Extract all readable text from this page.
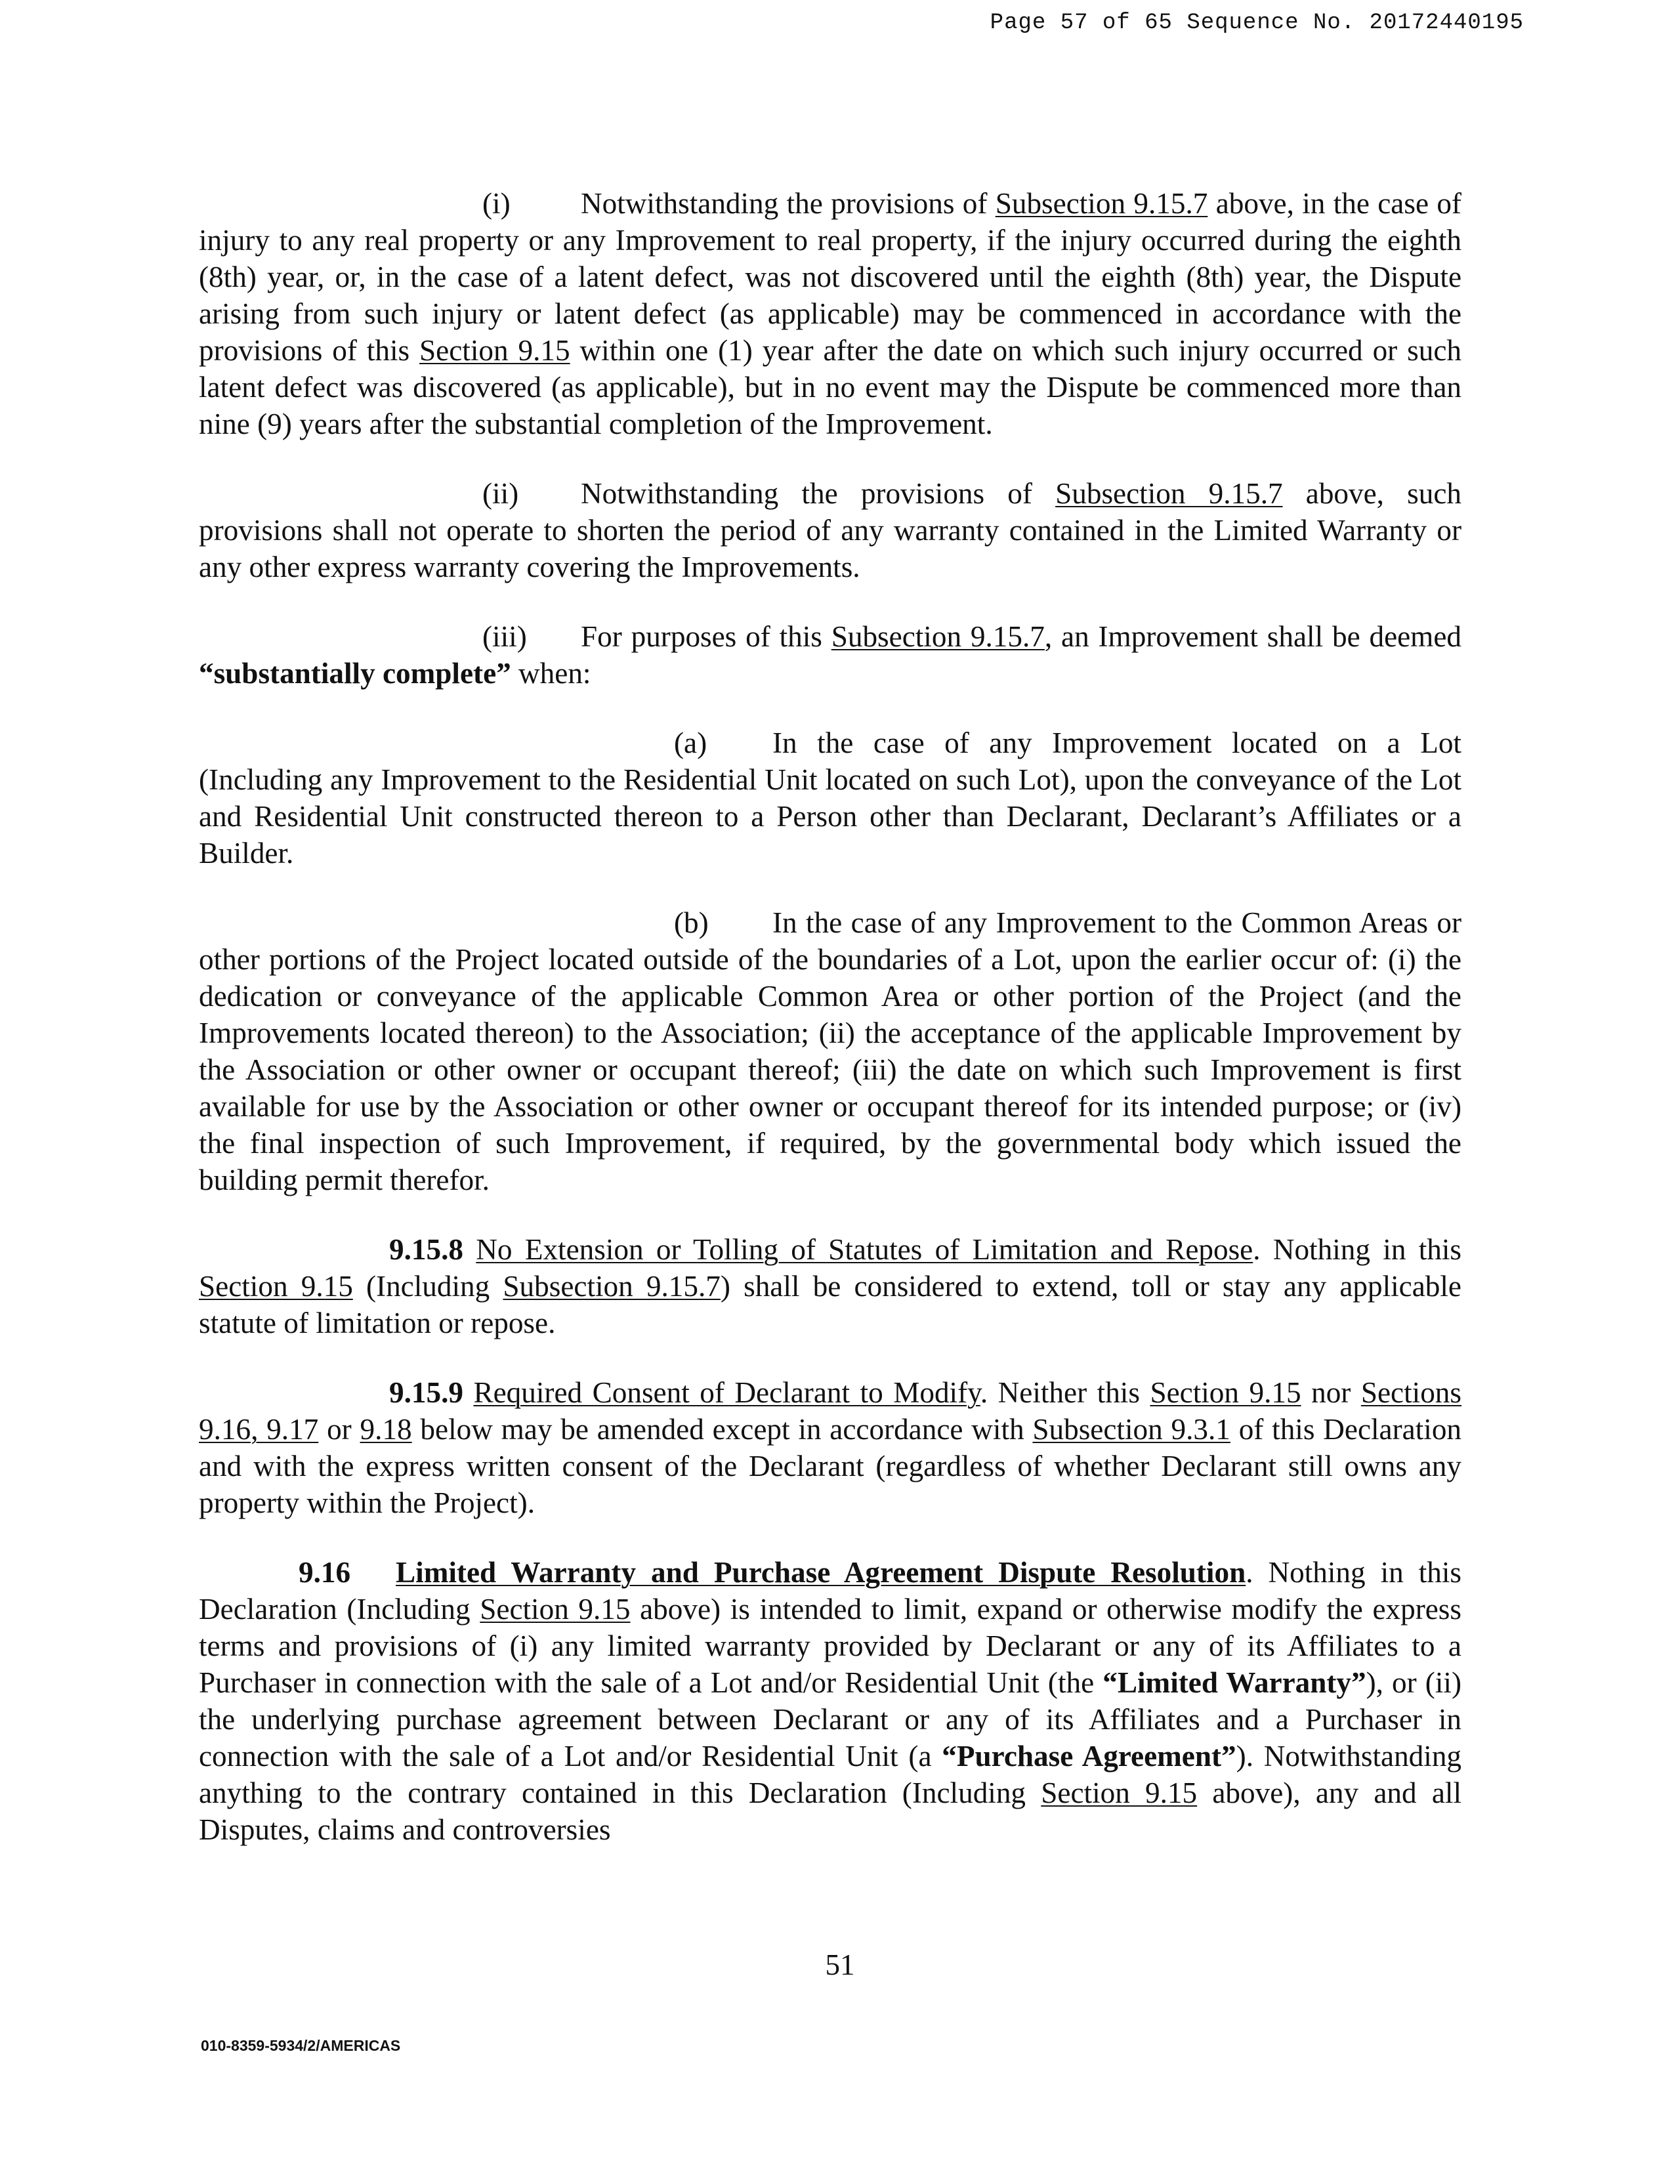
Page 57 of 65 Sequence No. 20172440195

(i) Notwithstanding the provisions of Subsection 9.15.7 above, in the case of injury to any real property or any Improvement to real property, if the injury occurred during the eighth (8th) year, or, in the case of a latent defect, was not discovered until the eighth (8th) year, the Dispute arising from such injury or latent defect (as applicable) may be commenced in accordance with the provisions of this Section 9.15 within one (1) year after the date on which such injury occurred or such latent defect was discovered (as applicable), but in no event may the Dispute be commenced more than nine (9) years after the substantial completion of the Improvement.

(ii) Notwithstanding the provisions of Subsection 9.15.7 above, such provisions shall not operate to shorten the period of any warranty contained in the Limited Warranty or any other express warranty covering the Improvements.

(iii) For purposes of this Subsection 9.15.7, an Improvement shall be deemed “substantially complete” when:

(a) In the case of any Improvement located on a Lot (Including any Improvement to the Residential Unit located on such Lot), upon the conveyance of the Lot and Residential Unit constructed thereon to a Person other than Declarant, Declarant’s Affiliates or a Builder.

(b) In the case of any Improvement to the Common Areas or other portions of the Project located outside of the boundaries of a Lot, upon the earlier occur of: (i) the dedication or conveyance of the applicable Common Area or other portion of the Project (and the Improvements located thereon) to the Association; (ii) the acceptance of the applicable Improvement by the Association or other owner or occupant thereof; (iii) the date on which such Improvement is first available for use by the Association or other owner or occupant thereof for its intended purpose; or (iv) the final inspection of such Improvement, if required, by the governmental body which issued the building permit therefor.

9.15.8 No Extension or Tolling of Statutes of Limitation and Repose. Nothing in this Section 9.15 (Including Subsection 9.15.7) shall be considered to extend, toll or stay any applicable statute of limitation or repose.

9.15.9 Required Consent of Declarant to Modify. Neither this Section 9.15 nor Sections 9.16, 9.17 or 9.18 below may be amended except in accordance with Subsection 9.3.1 of this Declaration and with the express written consent of the Declarant (regardless of whether Declarant still owns any property within the Project).

9.16 Limited Warranty and Purchase Agreement Dispute Resolution. Nothing in this Declaration (Including Section 9.15 above) is intended to limit, expand or otherwise modify the express terms and provisions of (i) any limited warranty provided by Declarant or any of its Affiliates to a Purchaser in connection with the sale of a Lot and/or Residential Unit (the “Limited Warranty”), or (ii) the underlying purchase agreement between Declarant or any of its Affiliates and a Purchaser in connection with the sale of a Lot and/or Residential Unit (a “Purchase Agreement”). Notwithstanding anything to the contrary contained in this Declaration (Including Section 9.15 above), any and all Disputes, claims and controversies

51
010-8359-5934/2/AMERICAS
